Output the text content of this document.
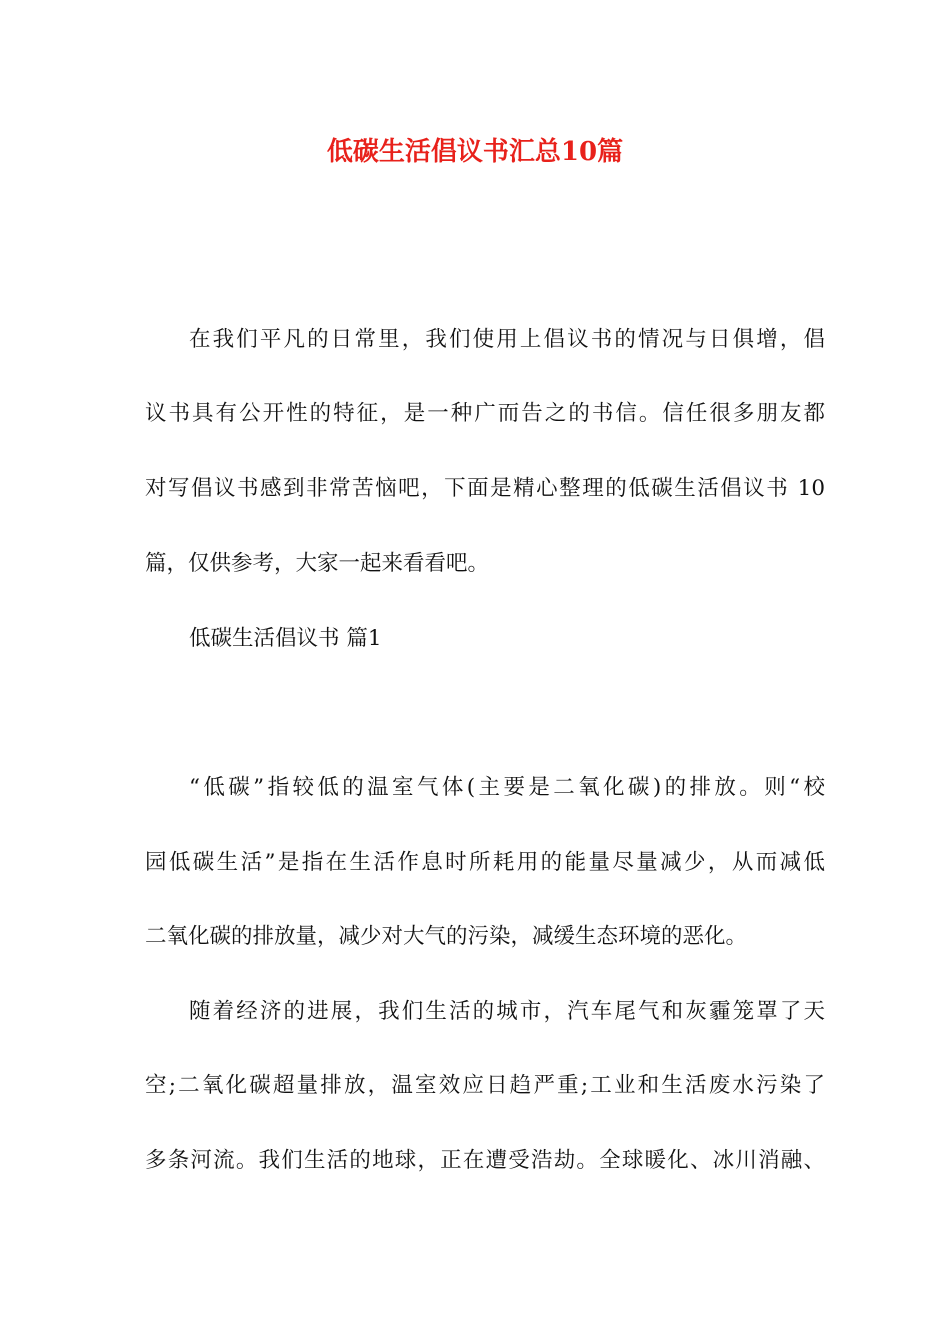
低碳生活倡议书汇总10篇
在我们平凡的日常里，我们使用上倡议书的情况与日俱增，倡
议书具有公开性的特征，是一种广而告之的书信。信任很多朋友都
对写倡议书感到非常苦恼吧，下面是精心整理的低碳生活倡议书 10
篇，仅供参考，大家一起来看看吧。
低碳生活倡议书 篇1
“低碳”指较低的温室气体(主要是二氧化碳)的排放。则“校
园低碳生活”是指在生活作息时所耗用的能量尽量减少，从而减低
二氧化碳的排放量，减少对大气的污染，减缓生态环境的恶化。
随着经济的进展，我们生活的城市，汽车尾气和灰霾笼罩了天
空;二氧化碳超量排放，温室效应日趋严重;工业和生活废水污染了
多条河流。我们生活的地球，正在遭受浩劫。全球暖化、冰川消融、
